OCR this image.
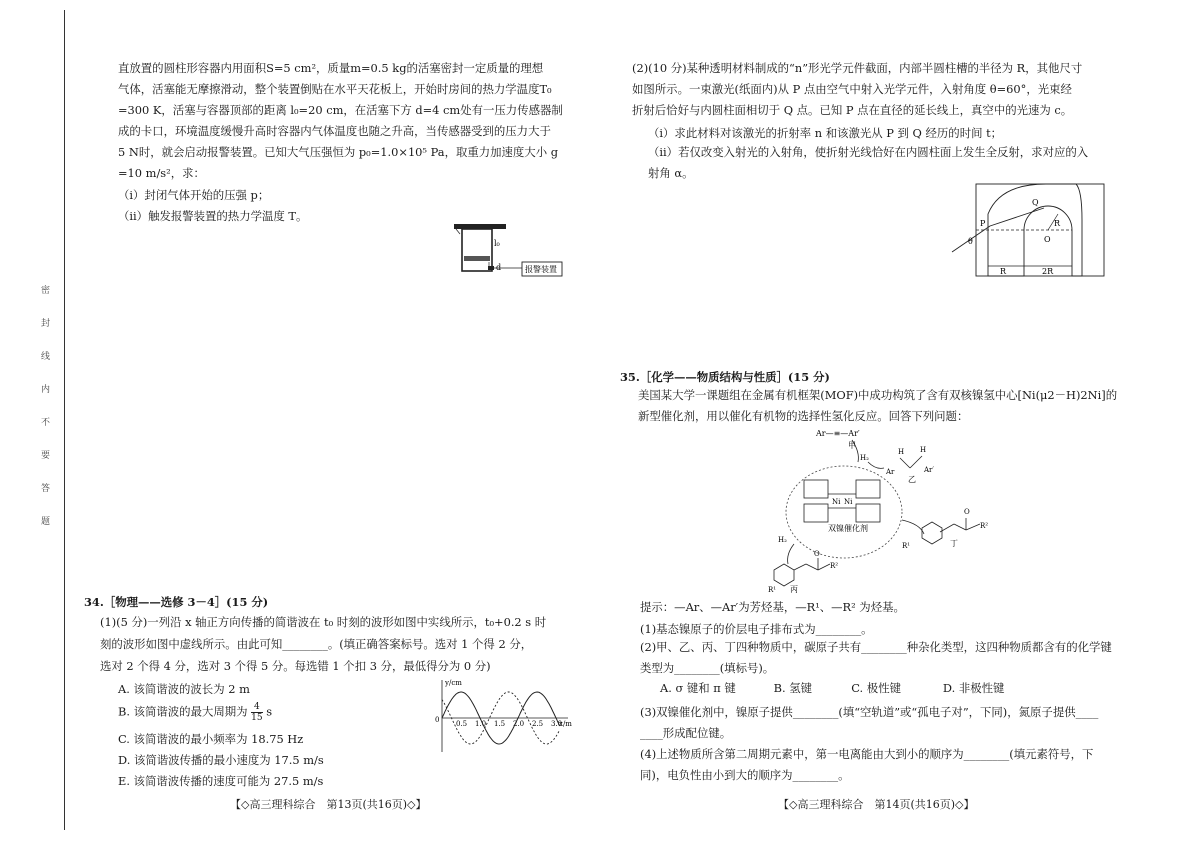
密封线内不要答题
直放置的圆柱形容器内用面积S=5 cm²，质量m=0.5 kg的活塞密封一定质量的理想
气体，活塞能无摩擦滑动，整个装置倒贴在水平天花板上，开始时房间的热力学温度T₀
=300 K，活塞与容器顶部的距离 l₀=20 cm，在活塞下方 d=4 cm处有一压力传感器制
成的卡口，环境温度缓慢升高时容器内气体温度也随之升高，当传感器受到的压力大于
5 N时，就会启动报警装置。已知大气压强恒为 p₀=1.0×10⁵ Pa，取重力加速度大小 g
=10 m/s²，求：
（ⅰ）封闭气体开始的压强 p；
（ⅱ）触发报警装置的热力学温度 T。
l₀
d	报警装置
34.［物理——选修 3－4］(15 分)
(1)(5 分)一列沿 x 轴正方向传播的简谐波在 t₀ 时刻的波形如图中实线所示，t₀+0.2 s 时
刻的波形如图中虚线所示。由此可知________。(填正确答案标号。选对 1 个得 2 分，
选对 2 个得 4 分，选对 3 个得 5 分。每选错 1 个扣 3 分，最低得分为 0 分)
A. 该简谐波的波长为 2 m
B. 该简谐波的最大周期为 $\frac{4}{15}$ s
C. 该简谐波的最小频率为 18.75 Hz
D. 该简谐波传播的最小速度为 17.5 m/s
E. 该简谐波传播的速度可能为 27.5 m/s
y/cm
x/m
0 0.5 1.0 1.5 2.0 2.5 3.0
【◇高三理科综合　第13页(共16页)◇】
(2)(10 分)某种透明材料制成的“n”形光学元件截面，内部半圆柱槽的半径为 R，其他尺寸
如图所示。一束激光(纸面内)从 P 点由空气中射入光学元件，入射角度 θ=60°，光束经
折射后恰好与内圆柱面相切于 Q 点。已知 P 点在直径的延长线上，真空中的光速为 c。
（ⅰ）求此材料对该激光的折射率 n 和该激光从 P 到 Q 经历的时间 t；
（ⅱ）若仅改变入射光的入射角，使折射光线恰好在内圆柱面上发生全反射，求对应的入
射角 α。
Q
P	R
O
θ
R	2R
35.［化学——物质结构与性质］(15 分)
美国某大学一课题组在金属有机框架(MOF)中成功构筑了含有双核镍氢中心[Ni(μ2－H)2Ni]的
新型催化剂，用以催化有机物的选择性氢化反应。回答下列问题：
Ar—≡—Ar′
甲
H₂
H H
Ar	Ar′
乙
Ni Ni
双镍催化剂
O
R²
R¹	丁
H₂
O
R²
R¹ 丙
提示：—Ar、—Ar′为芳烃基，—R¹、—R² 为烃基。
(1)基态镍原子的价层电子排布式为________。
(2)甲、乙、丙、丁四种物质中，碳原子共有________种杂化类型，这四种物质都含有的化学键
类型为________(填标号)。
A. σ 键和 π 键	B. 氢键	C. 极性键	D. 非极性键
(3)双镍催化剂中，镍原子提供________(填“空轨道”或“孤电子对”，下同)，氮原子提供____
____形成配位键。
(4)上述物质所含第二周期元素中，第一电离能由大到小的顺序为________(填元素符号，下
同)，电负性由小到大的顺序为________。
【◇高三理科综合　第14页(共16页)◇】
